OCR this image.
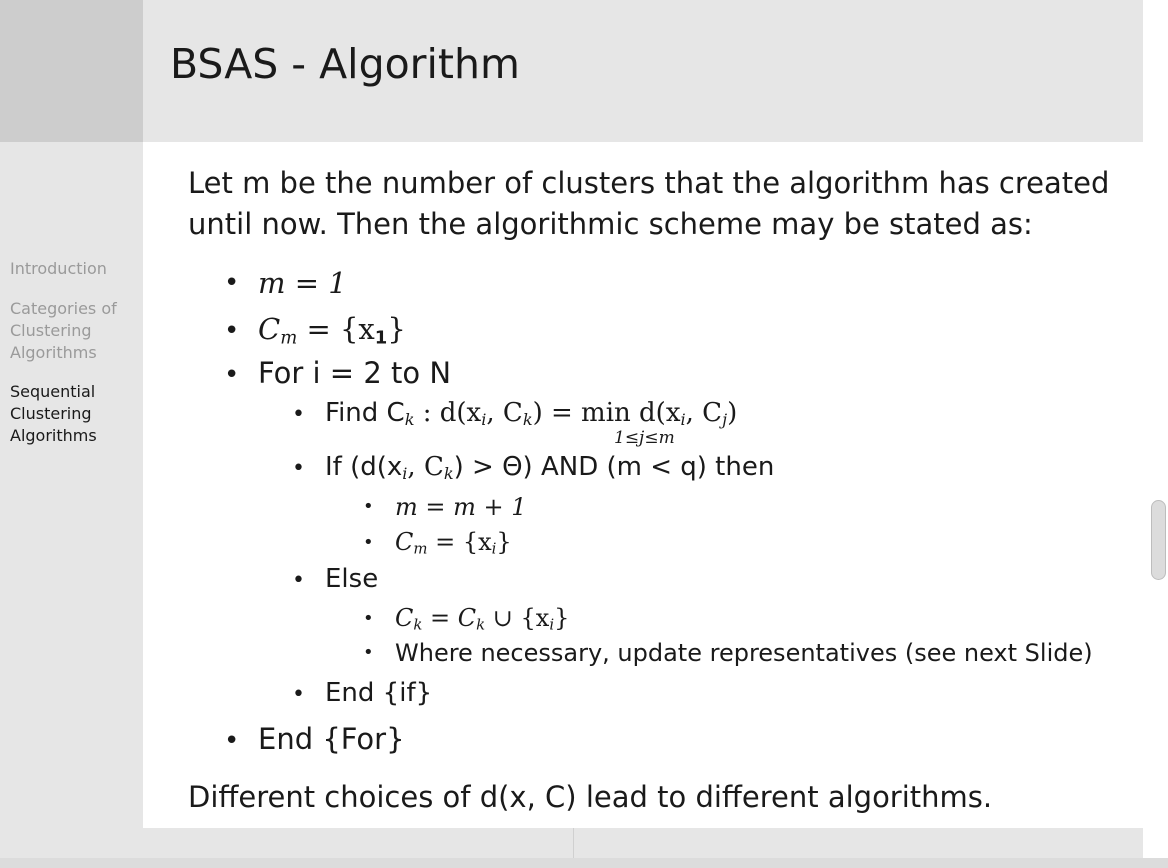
BSAS - Algorithm
Introduction
Categories of Clustering Algorithms
Sequential Clustering Algorithms
Let m be the number of clusters that the algorithm has created
until now. Then the algorithmic scheme may be stated as:
• m = 1
• $C_m = \{x_1\}$
• For i = 2 to N
• Find $C_k$ : $d(x_i$, $C_k) = \min d(x_i$, $C_j$)
1≤j≤m
• If ($d(x_i$, $C_k) > \Theta$) AND (m < q) then
• m = m + 1
• $C_m = \{x_i\}$
• Else
• $C_k = C_k$ ∪ $\{x_i\}$
• Where necessary, update representatives (see next Slide)
• End {if}
• End {For}
Different choices of d(x, C) lead to different algorithms.
